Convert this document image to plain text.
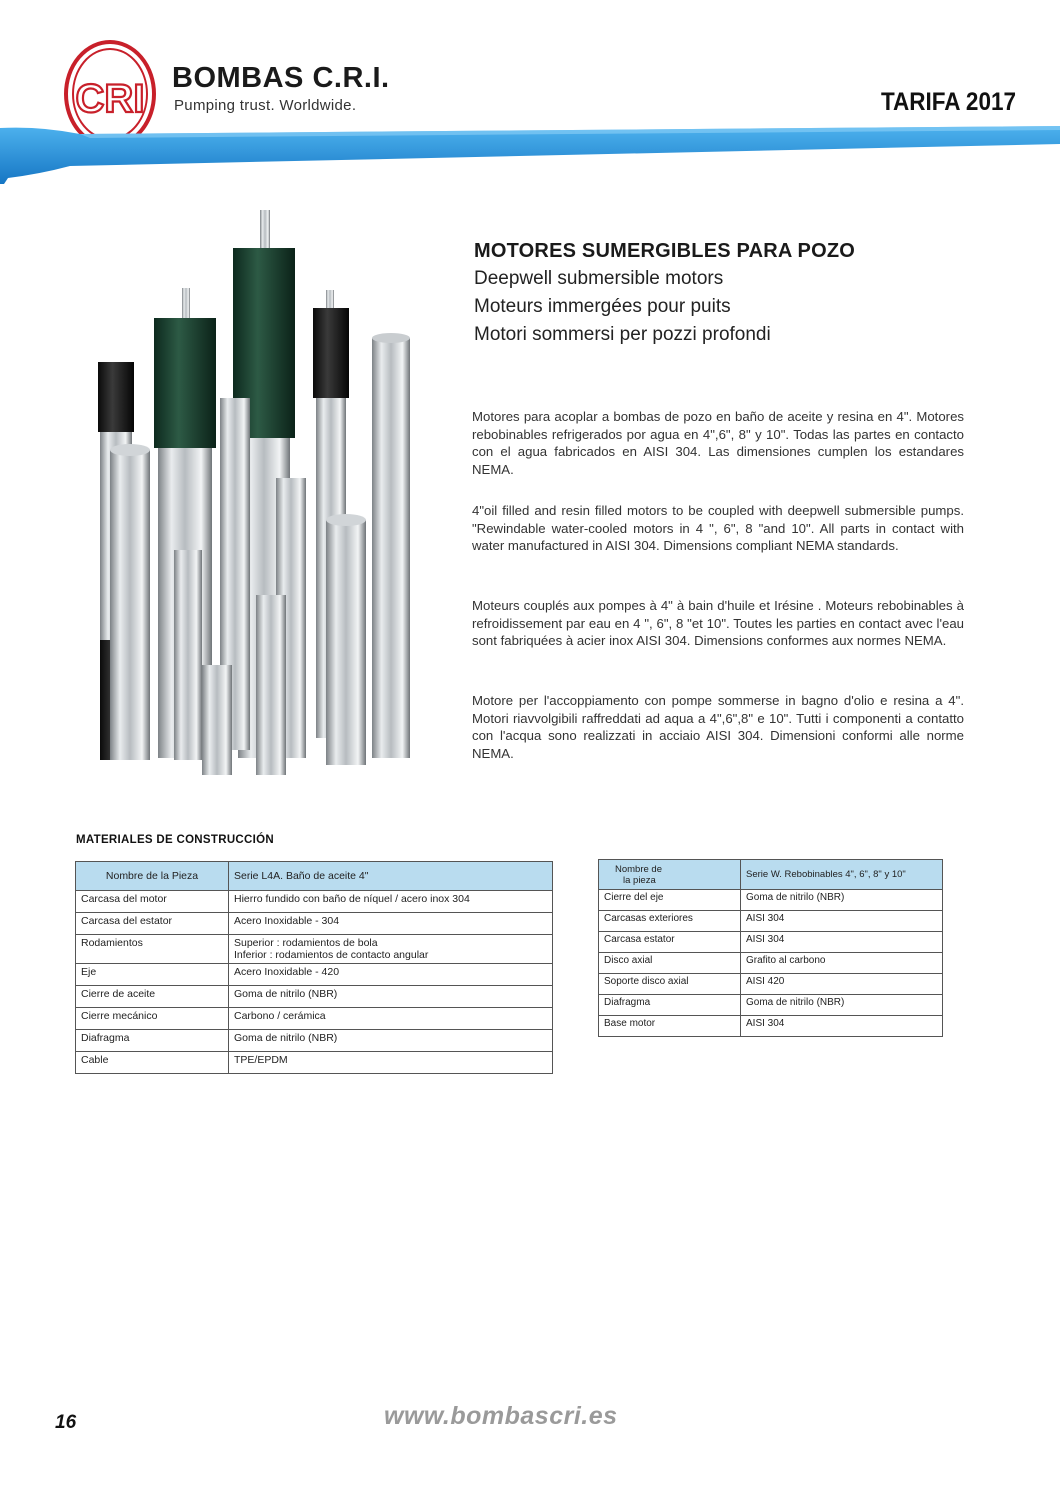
CRI BOMBAS C.R.I.
Pumping trust. Worldwide.	TARIFA 2017
MOTORES SUMERGIBLES PARA POZO
Deepwell submersible motors
Moteurs immergées pour puits
Motori sommersi per pozzi profondi
Motores para acoplar a bombas de pozo en baño de aceite y resina en 4". Motores rebobinables refrigerados por agua en 4",6", 8" y 10". Todas las partes en contacto con el agua fabricados en AISI 304. Las dimensiones cumplen los estandares NEMA.
4"oil filled and resin filled motors to be coupled with deepwell submersible pumps. "Rewindable water-cooled motors in 4 ", 6", 8 "and 10". All parts in contact with water manufactured in AISI 304. Dimensions compliant NEMA standards.
Moteurs couplés aux pompes à 4" à bain d'huile et Irésine . Moteurs rebobinables à refroidissement par eau en 4 ", 6", 8 "et 10". Toutes les parties en contact avec l'eau sont fabriquées à acier inox AISI 304. Dimensions conformes aux normes NEMA.
Motore per l'accoppiamento con pompe sommerse in bagno d'olio e resina a 4". Motori riavvolgibili raffreddati ad aqua a 4",6",8" e 10". Tutti i componenti a contatto con l'acqua sono realizzati in acciaio AISI 304. Dimensioni conformi alle norme NEMA.
MATERIALES DE CONSTRUCCIÓN
Nombre de la Pieza	Serie L4A. Baño de aceite 4"
Carcasa del motor	Hierro fundido con baño de níquel / acero inox 304
Carcasa del estator	Acero Inoxidable - 304
Rodamientos	Superior : rodamientos de bola
Inferior : rodamientos de contacto angular

Eje	Acero Inoxidable - 420
Cierre de aceite	Goma de nitrilo (NBR)
Cierre mecánico	Carbono / cerámica
Diafragma	Goma de nitrilo (NBR)
Cable	TPE/EPDM
Nombre de
la pieza	Serie W. Rebobinables 4", 6", 8" y 10"
Cierre del eje	Goma de nitrilo (NBR)
Carcasas exteriores	AISI 304
Carcasa estator	AISI 304
Disco axial	Grafito al carbono
Soporte disco axial	AISI 420
Diafragma	Goma de nitrilo (NBR)
Base motor	AISI 304
16	www.bombascri.es
